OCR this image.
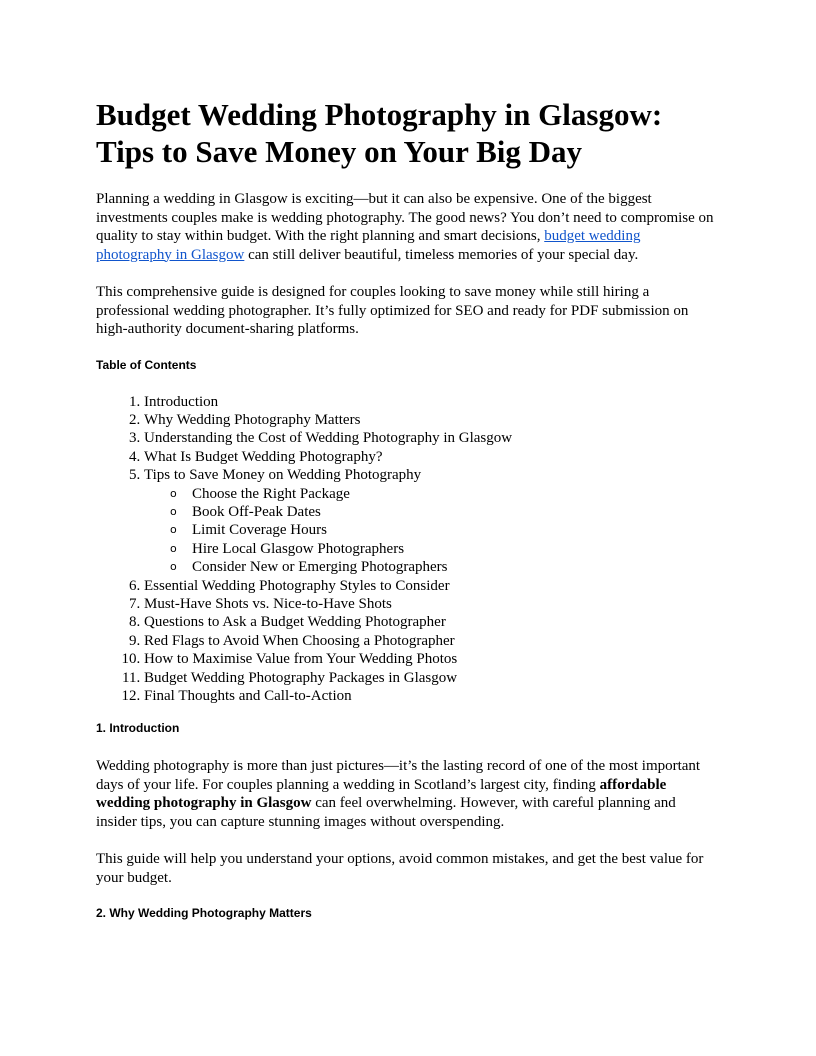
Budget Wedding Photography in Glasgow:
Tips to Save Money on Your Big Day

Planning a wedding in Glasgow is exciting—but it can also be expensive. One of the biggest investments couples make is wedding photography. The good news? You don’t need to compromise on quality to stay within budget. With the right planning and smart decisions, budget wedding photography in Glasgow can still deliver beautiful, timeless memories of your special day.

This comprehensive guide is designed for couples looking to save money while still hiring a professional wedding photographer. It’s fully optimized for SEO and ready for PDF submission on high-authority document-sharing platforms.

Table of Contents
1. Introduction
2. Why Wedding Photography Matters
3. Understanding the Cost of Wedding Photography in Glasgow
4. What Is Budget Wedding Photography?
5. Tips to Save Money on Wedding Photography
o Choose the Right Package
o Book Off-Peak Dates
o Limit Coverage Hours
o Hire Local Glasgow Photographers
o Consider New or Emerging Photographers
6. Essential Wedding Photography Styles to Consider
7. Must-Have Shots vs. Nice-to-Have Shots
8. Questions to Ask a Budget Wedding Photographer
9. Red Flags to Avoid When Choosing a Photographer
10. How to Maximise Value from Your Wedding Photos
11. Budget Wedding Photography Packages in Glasgow
12. Final Thoughts and Call-to-Action
1. Introduction

Wedding photography is more than just pictures—it’s the lasting record of one of the most important days of your life. For couples planning a wedding in Scotland’s largest city, finding affordable wedding photography in Glasgow can feel overwhelming. However, with careful planning and insider tips, you can capture stunning images without overspending.

This guide will help you understand your options, avoid common mistakes, and get the best value for your budget.

2. Why Wedding Photography Matters
